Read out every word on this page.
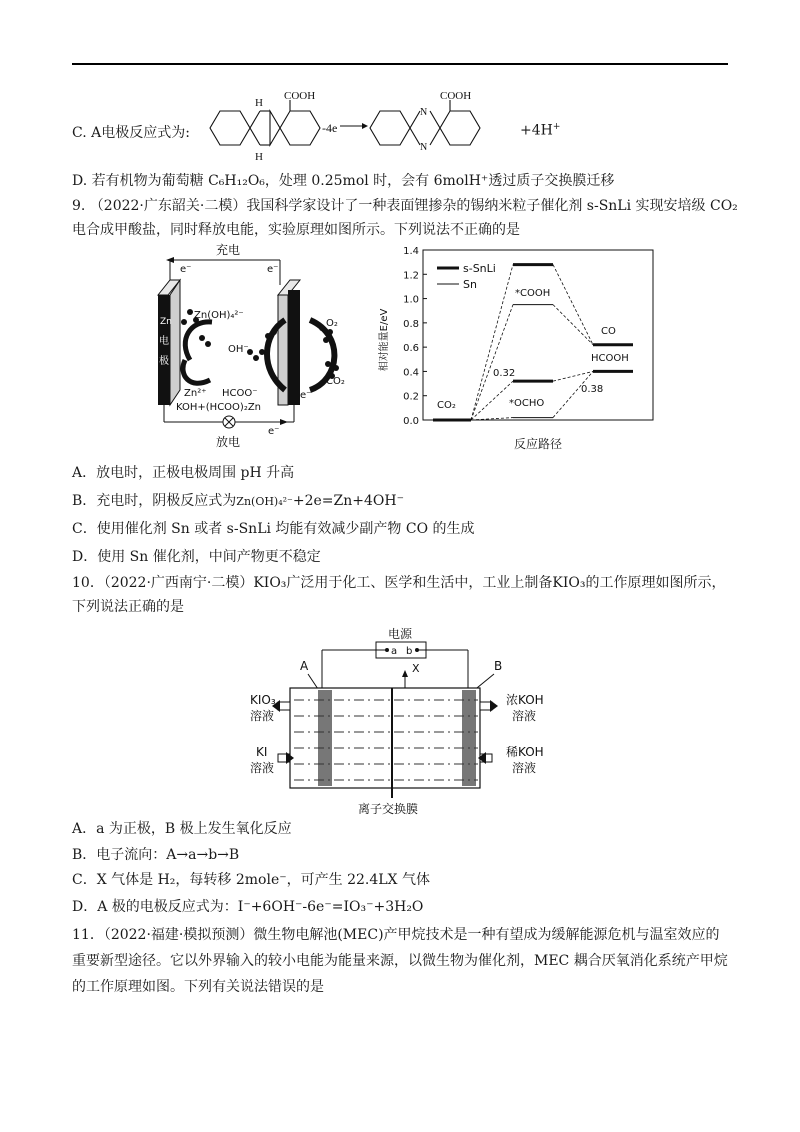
C. A电极反应式为:
H
H
COOH
-4e
N
N
COOH
+4H+
D. 若有机物为葡萄糖 C₆H₁₂O₆，处理 0.25mol 时，会有 6molH⁺透过质子交换膜迁移
9. （2022·广东韶关·二模）我国科学家设计了一种表面锂掺杂的锡纳米粒子催化剂 s-SnLi 实现安培级 CO₂
电合成甲酸盐，同时释放电能，实验原理如图所示。下列说法不正确的是
充电
e⁻	e⁻
Zn
电
极
Zn(OH)₄²⁻
OH⁻
O₂
CO₂
Zn²⁺ HCOO⁻	e⁻
KOH+(HCOO)₂Zn
e⁻
放电
1.4
1.2
1.0
0.8
0.6
0.4
0.2
0.0
相对能量E/eV
反应路径
s-SnLi
Sn
CO₂
*COOH
*OCHO
CO
HCOOH
0.32
0.38
A．放电时，正极电极周围 pH 升高
B．充电时，阴极反应式为Zn(OH)₄²⁻+2e=Zn+4OH⁻
C．使用催化剂 Sn 或者 s-SnLi 均能有效减少副产物 CO 的生成
D．使用 Sn 催化剂，中间产物更不稳定
10．（2022·广西南宁·二模）KIO₃广泛用于化工、医学和生活中，工业上制备KIO₃的工作原理如图所示，
下列说法正确的是
电源
a b
A	B
X
KIO₃
溶液
KI
溶液
浓KOH
溶液
稀KOH
溶液
离子交换膜
A．a 为正极，B 极上发生氧化反应
B．电子流向：A→a→b→B
C．X 气体是 H₂，每转移 2mole⁻，可产生 22.4LX 气体
D．A 极的电极反应式为：I⁻+6OH⁻-6e⁻=IO₃⁻+3H₂O
11．（2022·福建·模拟预测）微生物电解池(MEC)产甲烷技术是一种有望成为缓解能源危机与温室效应的
重要新型途径。它以外界输入的较小电能为能量来源，以微生物为催化剂，MEC 耦合厌氧消化系统产甲烷
的工作原理如图。下列有关说法错误的是
